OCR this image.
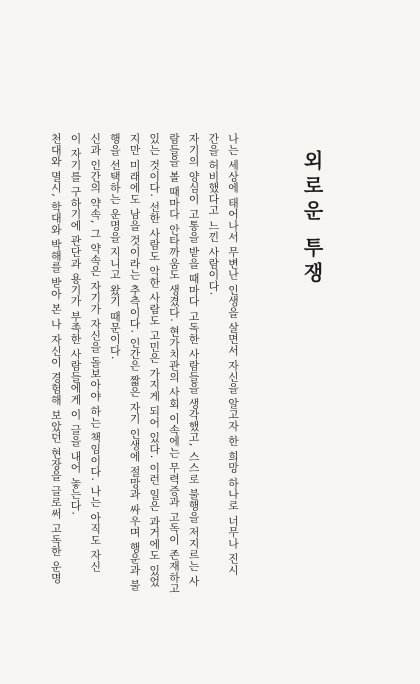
외로운 투쟁
나는 세상에 태어나서 무변난 인생을 살면서 자신을 알고자 한 희망 하나로 너무나 진시
간을 허비했다고 느낀 사람이다.
자기의 양심이 고통을 받을 때마다 고독한 사람들을 생각했고, 스스로 불행을 저지르는 사
람들을 볼 때마다 안타까움도 생겼다. 현가치관의 사회 이속에는 무력증과 고독이 존재하고
있는 것이다. 선한 사람도 악한 사람도 고민은 가지게 되어 있다. 이런 일은 과거에도 있었
지만 미래에도 남을 것이라는 추측이다. 인간은 짧은 자기 인생에 절망과 싸우며 행운과 불
행을 선택하는 운명을 지니고 왔기 때문이다.
신과 인간의 약속, 그 약속은 자기가 자신을 돌보아야 하는 책임이다. 나는 아직도 자신
이 자기를 구하기에 관단과 용기가 부족한 사람들에게 이 글을 내어 놓는다.
천대와 멸시, 학대와 박해를 받아 본 나 자신이 경험해 보았던 현장을 글로써 고독한 운명
